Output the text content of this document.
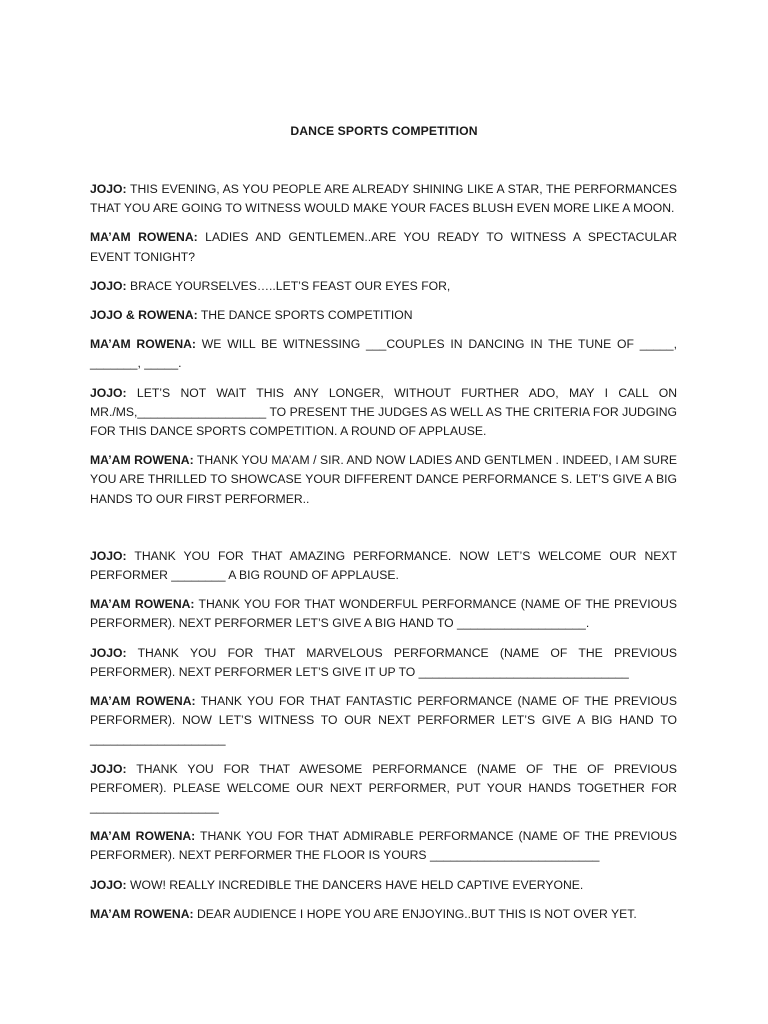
DANCE SPORTS COMPETITION

JOJO: THIS EVENING, AS YOU PEOPLE ARE ALREADY SHINING LIKE A STAR, THE PERFORMANCES THAT YOU ARE GOING TO WITNESS WOULD MAKE YOUR FACES BLUSH EVEN MORE LIKE A MOON.

MA’AM ROWENA: LADIES AND GENTLEMEN..ARE YOU READY TO WITNESS A SPECTACULAR EVENT TONIGHT?

JOJO: BRACE YOURSELVES…..LET’S FEAST OUR EYES FOR,

JOJO & ROWENA: THE DANCE SPORTS COMPETITION

MA’AM ROWENA: WE WILL BE WITNESSING ___COUPLES IN DANCING IN THE TUNE OF _____, _______, _____.

JOJO: LET’S NOT WAIT THIS ANY LONGER, WITHOUT FURTHER ADO, MAY I CALL ON MR./MS,___________________ TO PRESENT THE JUDGES AS WELL AS THE CRITERIA FOR JUDGING FOR THIS DANCE SPORTS COMPETITION. A ROUND OF APPLAUSE.

MA’AM ROWENA: THANK YOU MA’AM / SIR. AND NOW LADIES AND GENTLMEN . INDEED, I AM SURE YOU ARE THRILLED TO SHOWCASE YOUR DIFFERENT DANCE PERFORMANCE S. LET’S GIVE A BIG HANDS TO OUR FIRST PERFORMER..

JOJO: THANK YOU FOR THAT AMAZING PERFORMANCE. NOW LET’S WELCOME OUR NEXT PERFORMER ________ A BIG ROUND OF APPLAUSE.

MA’AM ROWENA: THANK YOU FOR THAT WONDERFUL PERFORMANCE (NAME OF THE PREVIOUS PERFORMER). NEXT PERFORMER LET’S GIVE A BIG HAND TO ___________________.

JOJO: THANK YOU FOR THAT MARVELOUS PERFORMANCE (NAME OF THE PREVIOUS PERFORMER). NEXT PERFORMER LET’S GIVE IT UP TO _______________________________

MA’AM ROWENA: THANK YOU FOR THAT FANTASTIC PERFORMANCE (NAME OF THE PREVIOUS PERFORMER). NOW LET’S WITNESS TO OUR NEXT PERFORMER LET’S GIVE A BIG HAND TO ____________________

JOJO: THANK YOU FOR THAT AWESOME PERFORMANCE (NAME OF THE OF PREVIOUS PERFOMER). PLEASE WELCOME OUR NEXT PERFORMER, PUT YOUR HANDS TOGETHER FOR ___________________

MA’AM ROWENA: THANK YOU FOR THAT ADMIRABLE PERFORMANCE (NAME OF THE PREVIOUS PERFORMER). NEXT PERFORMER THE FLOOR IS YOURS _________________________

JOJO: WOW! REALLY INCREDIBLE THE DANCERS HAVE HELD CAPTIVE EVERYONE.

MA’AM ROWENA: DEAR AUDIENCE I HOPE YOU ARE ENJOYING..BUT THIS IS NOT OVER YET.
